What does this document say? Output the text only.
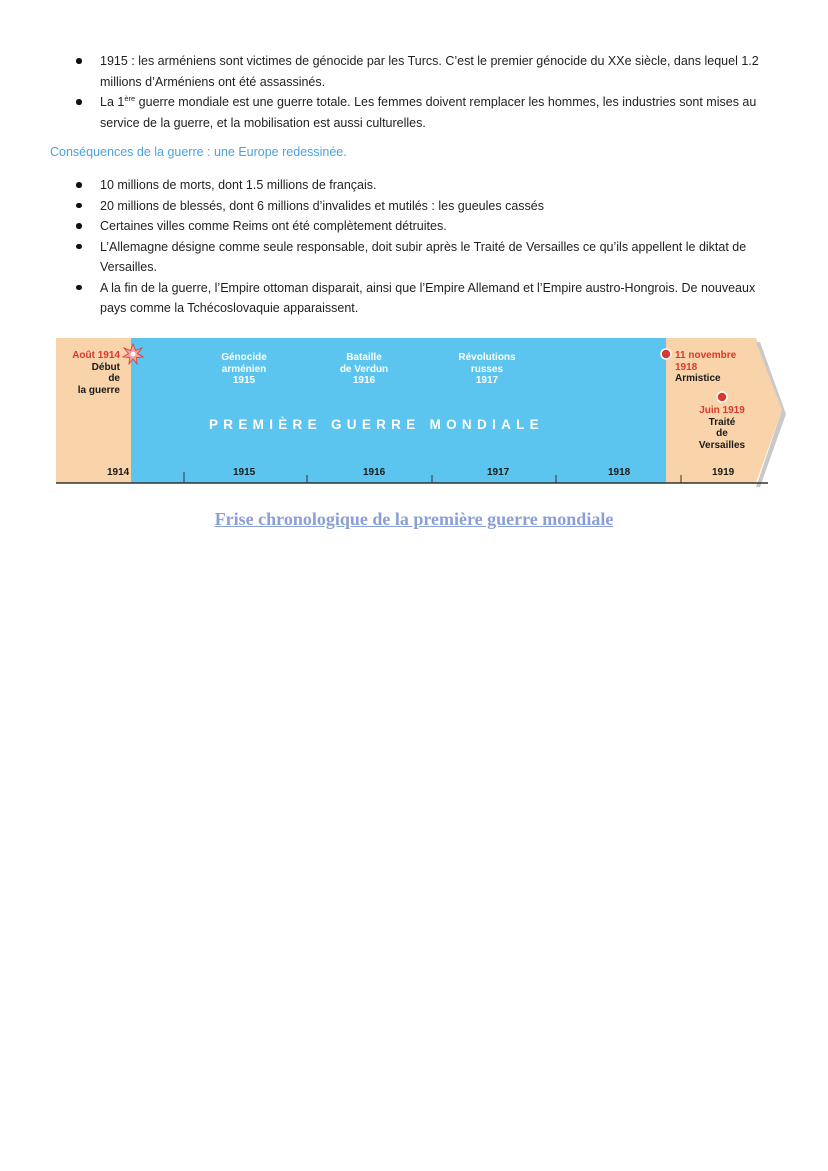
1915 : les arméniens sont victimes de génocide par les Turcs. C’est le premier génocide du XXe siècle, dans lequel 1.2 millions d’Arméniens ont été assassinés.
La 1ère guerre mondiale est une guerre totale. Les femmes doivent remplacer les hommes, les industries sont mises au service de la guerre, et la mobilisation est aussi culturelles.
Conséquences de la guerre : une Europe redessinée.
10 millions de morts, dont 1.5 millions de français.
20 millions de blessés, dont 6 millions d’invalides et mutilés : les gueules cassés
Certaines villes comme Reims ont été complètement détruites.
L’Allemagne désigne comme seule responsable, doit subir après le Traité de Versailles ce qu’ils appellent le diktat de Versailles.
A la fin de la guerre, l’Empire ottoman disparait, ainsi que l’Empire Allemand et l’Empire austro-Hongrois. De nouveaux pays comme la Tchécoslovaquie apparaissent.
Août 1914
Début
de
la guerre
Génocide
arménien
1915
Bataille
de Verdun
1916
Révolutions
russes
1917
11 novembre
1918
Armistice
Juin 1919
Traité
de
Versailles
PREMIÈRE GUERRE MONDIALE
1914	1915	1916	1917	1918	1919
Frise chronologique de la première guerre mondiale
